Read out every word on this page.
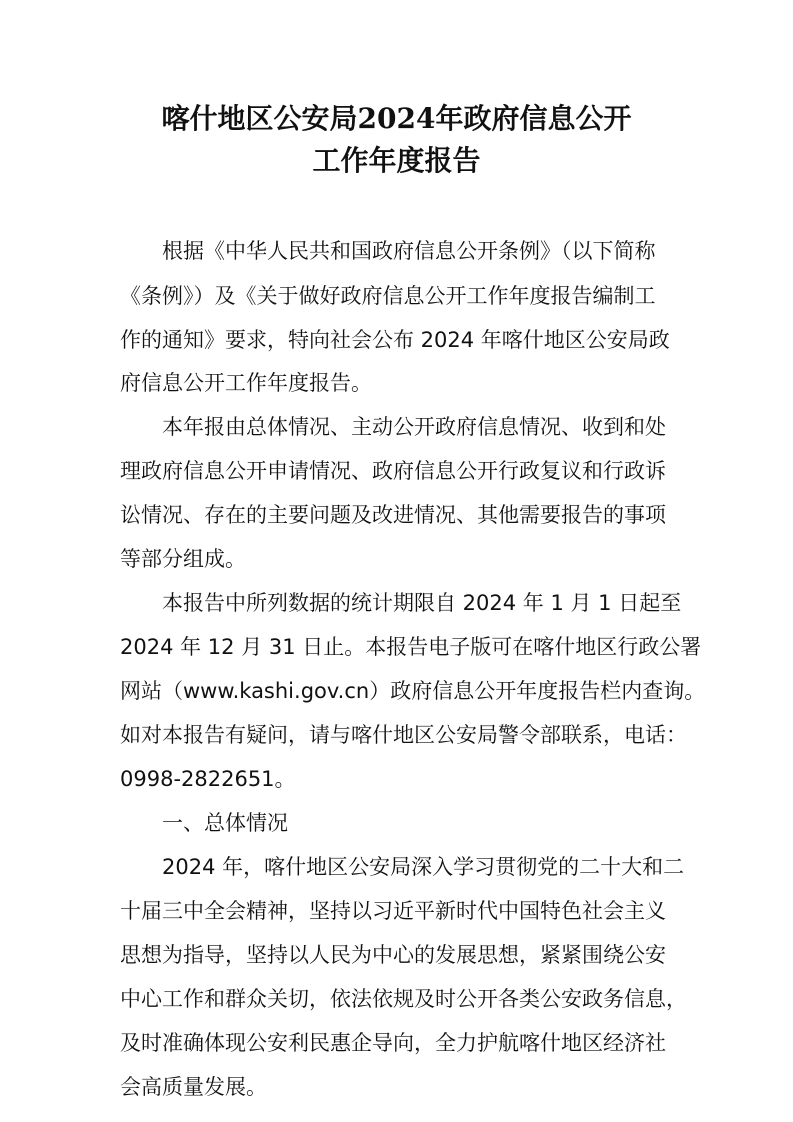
喀什地区公安局2024年政府信息公开
工作年度报告
根据《中华人民共和国政府信息公开条例》（以下简称
《条例》）及《关于做好政府信息公开工作年度报告编制工
作的通知》要求，特向社会公布 2024 年喀什地区公安局政
府信息公开工作年度报告。
本年报由总体情况、主动公开政府信息情况、收到和处
理政府信息公开申请情况、政府信息公开行政复议和行政诉
讼情况、存在的主要问题及改进情况、其他需要报告的事项
等部分组成。
本报告中所列数据的统计期限自 2024 年 1 月 1 日起至
2024 年 12 月 31 日止。本报告电子版可在喀什地区行政公署
网站（www.kashi.gov.cn）政府信息公开年度报告栏内查询。
如对本报告有疑问，请与喀什地区公安局警令部联系，电话：
0998-2822651。
一、总体情况
2024 年，喀什地区公安局深入学习贯彻党的二十大和二
十届三中全会精神，坚持以习近平新时代中国特色社会主义
思想为指导，坚持以人民为中心的发展思想，紧紧围绕公安
中心工作和群众关切，依法依规及时公开各类公安政务信息，
及时准确体现公安利民惠企导向，全力护航喀什地区经济社
会高质量发展。
